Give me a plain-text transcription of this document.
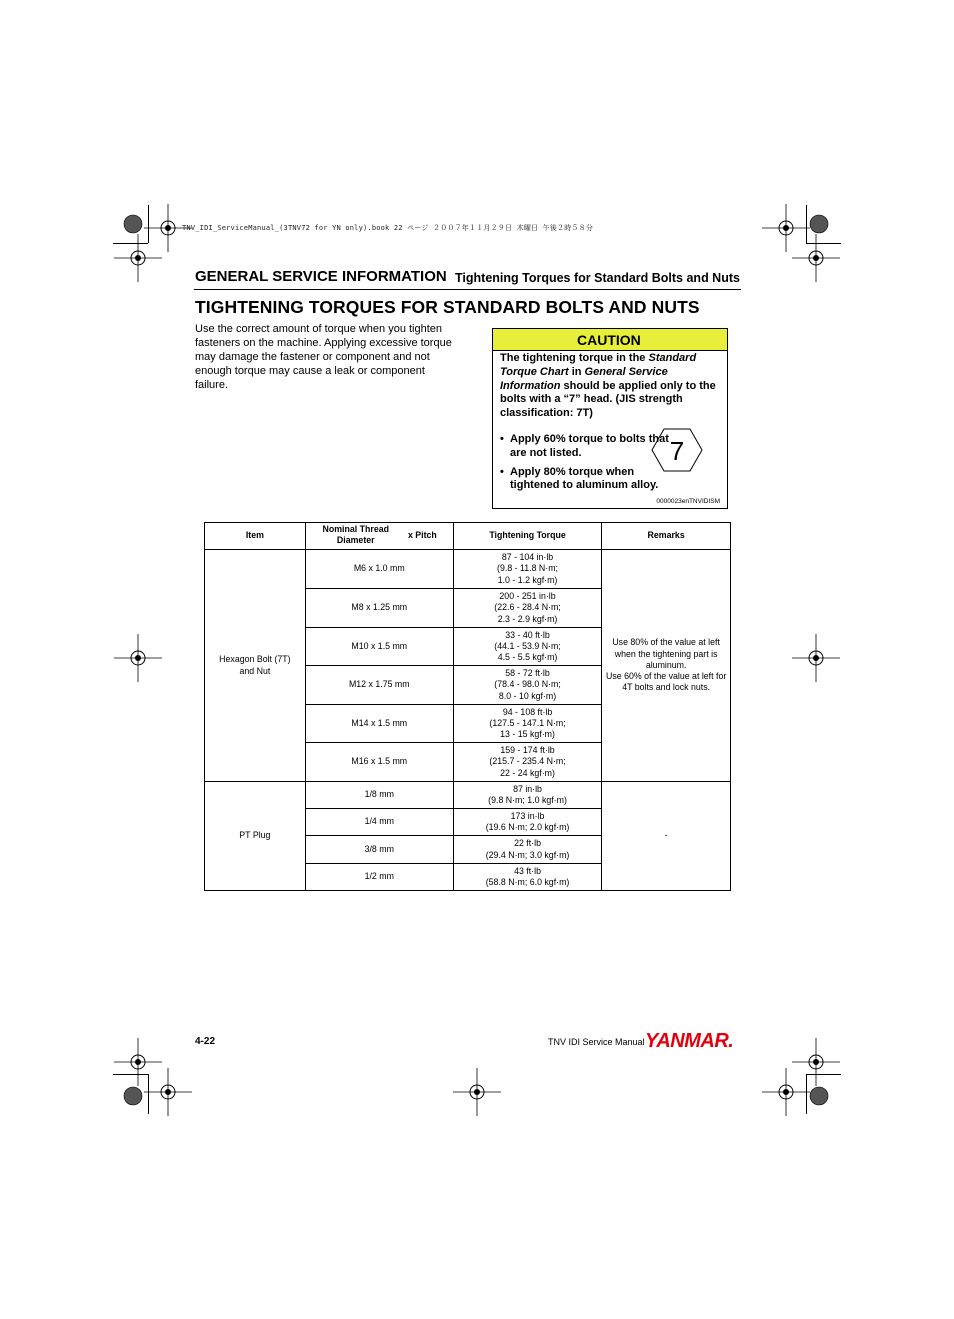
TNV_IDI_ServiceManual_(3TNV72 for YN only).book 22 ページ ２００７年１１月２９日 木曜日 午後２時５８分
GENERAL SERVICE INFORMATION Tightening Torques for Standard Bolts and Nuts
TIGHTENING TORQUES FOR STANDARD BOLTS AND NUTS
Use the correct amount of torque when you tighten fasteners on the machine. Applying excessive torque may damage the fastener or component and not enough torque may cause a leak or component failure.
CAUTION
The tightening torque in the Standard Torque Chart in General Service Information should be applied only to the bolts with a “7” head. (JIS strength classification: 7T)
• Apply 60% torque to bolts that are not listed.
• Apply 80% torque when tightened to aluminum alloy.
7
0000023enTNVIDISM
Item	Nominal Thread
Diameter x Pitch	Tightening Torque	Remarks
Hexagon Bolt (7T) and Nut	M6 x 1.0 mm	87 - 104 in·lb
(9.8 - 11.8 N·m;
1.0 - 1.2 kgf·m)	Use 80% of the value at left when the tightening part is aluminum.
Use 60% of the value at left for 4T bolts and lock nuts.
	M8 x 1.25 mm	200 - 251 in·lb
(22.6 - 28.4 N·m;
2.3 - 2.9 kgf·m)	
	M10 x 1.5 mm	33 - 40 ft·lb
(44.1 - 53.9 N·m;
4.5 - 5.5 kgf·m)	
	M12 x 1.75 mm	58 - 72 ft·lb
(78.4 - 98.0 N·m;
8.0 - 10 kgf·m)	
	M14 x 1.5 mm	94 - 108 ft·lb
(127.5 - 147.1 N·m;
13 - 15 kgf·m)	
	M16 x 1.5 mm	159 - 174 ft·lb
(215.7 - 235.4 N·m;
22 - 24 kgf·m)	
PT Plug	1/8 mm	87 in·lb
(9.8 N·m; 1.0 kgf·m)	-
	1/4 mm	173 in·lb
(19.6 N·m; 2.0 kgf·m)	
	3/8 mm	22 ft·lb
(29.4 N·m; 3.0 kgf·m)	
	1/2 mm	43 ft·lb
(58.8 N·m; 6.0 kgf·m)	
4-22	TNV IDI Service Manual YANMAR.
